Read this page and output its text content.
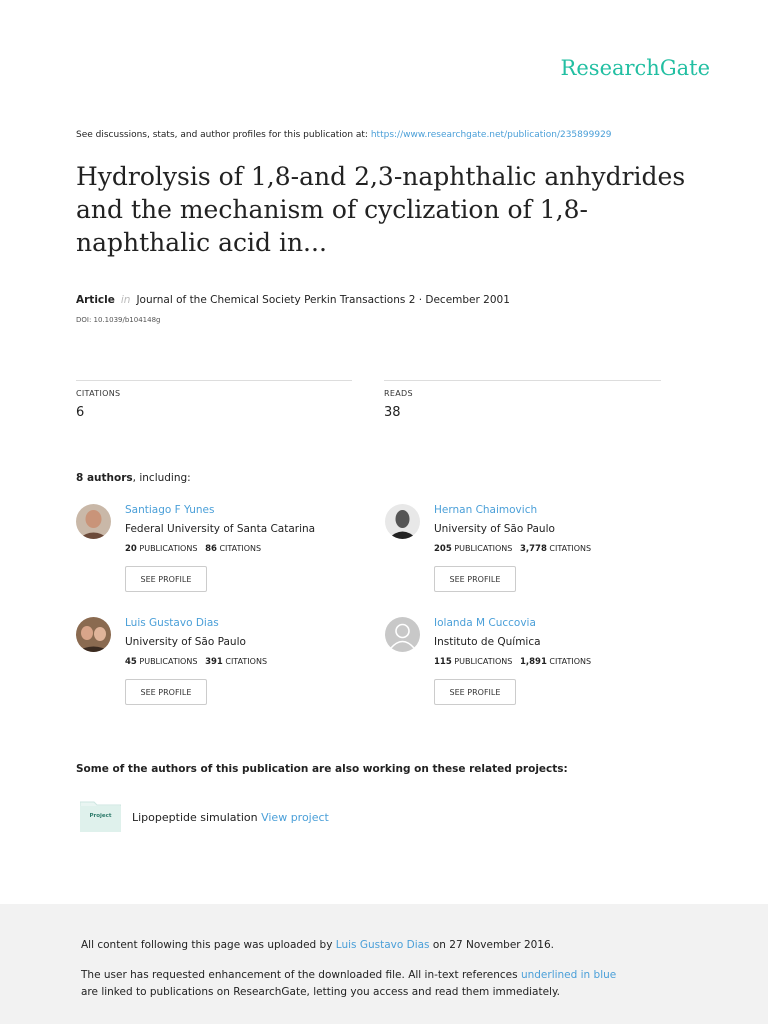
ResearchGate
See discussions, stats, and author profiles for this publication at: https://www.researchgate.net/publication/235899929
Hydrolysis of 1,8-and 2,3-naphthalic anhydrides
and the mechanism of cyclization of 1,8-
naphthalic acid in...
Article in Journal of the Chemical Society Perkin Transactions 2 · December 2001
DOI: 10.1039/b104148g
CITATIONS
6
READS
38
8 authors, including:
Santiago F Yunes
Federal University of Santa Catarina
20 PUBLICATIONS 86 CITATIONS
SEE PROFILE
Hernan Chaimovich
University of São Paulo
205 PUBLICATIONS 3,778 CITATIONS
SEE PROFILE
Luis Gustavo Dias
University of São Paulo
45 PUBLICATIONS 391 CITATIONS
SEE PROFILE
Iolanda M Cuccovia
Instituto de Química
115 PUBLICATIONS 1,891 CITATIONS
SEE PROFILE
Some of the authors of this publication are also working on these related projects:
Project	Lipopeptide simulation View project
All content following this page was uploaded by Luis Gustavo Dias on 27 November 2016.
The user has requested enhancement of the downloaded file. All in-text references underlined in blue
are linked to publications on ResearchGate, letting you access and read them immediately.
